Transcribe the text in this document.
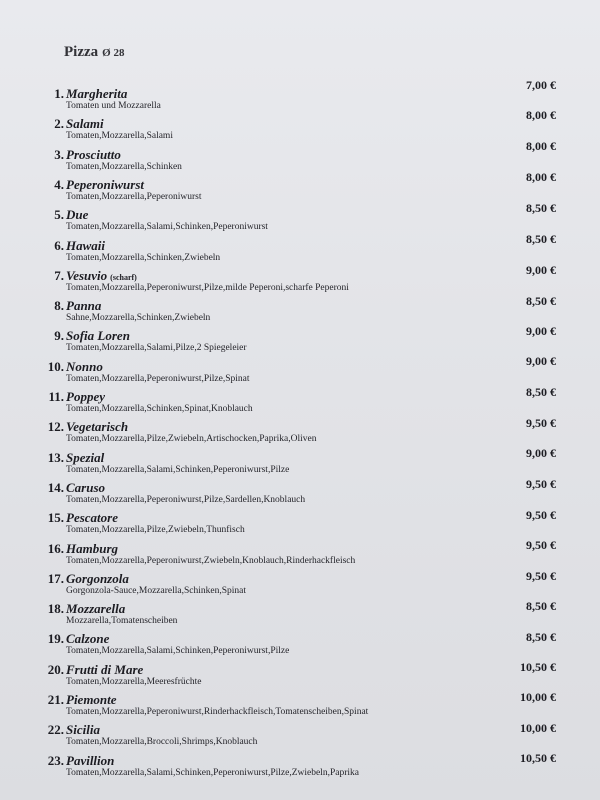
Pizza Ø 28
1. Margherita
Tomaten und Mozzarella
7,00 €
2. Salami
Tomaten,Mozzarella,Salami
8,00 €
3. Prosciutto
Tomaten,Mozzarella,Schinken
8,00 €
4. Peperoniwurst
Tomaten,Mozzarella,Peperoniwurst
8,00 €
5. Due
Tomaten,Mozzarella,Salami,Schinken,Peperoniwurst
8,50 €
6. Hawaii
Tomaten,Mozzarella,Schinken,Zwiebeln
8,50 €
7. Vesuvio (scharf)
Tomaten,Mozzarella,Peperoniwurst,Pilze,milde Peperoni,scharfe Peperoni
9,00 €
8. Panna
Sahne,Mozzarella,Schinken,Zwiebeln
8,50 €
9. Sofia Loren
Tomaten,Mozzarella,Salami,Pilze,2 Spiegeleier
9,00 €
10. Nonno
Tomaten,Mozzarella,Peperoniwurst,Pilze,Spinat
9,00 €
11. Poppey
Tomaten,Mozzarella,Schinken,Spinat,Knoblauch
8,50 €
12. Vegetarisch
Tomaten,Mozzarella,Pilze,Zwiebeln,Artischocken,Paprika,Oliven
9,50 €
13. Spezial
Tomaten,Mozzarella,Salami,Schinken,Peperoniwurst,Pilze
9,00 €
14. Caruso
Tomaten,Mozzarella,Peperoniwurst,Pilze,Sardellen,Knoblauch
9,50 €
15. Pescatore
Tomaten,Mozzarella,Pilze,Zwiebeln,Thunfisch
9,50 €
16. Hamburg
Tomaten,Mozzarella,Peperoniwurst,Zwiebeln,Knoblauch,Rinderhackfleisch
9,50 €
17. Gorgonzola
Gorgonzola-Sauce,Mozzarella,Schinken,Spinat
9,50 €
18. Mozzarella
Mozzarella,Tomatenscheiben
8,50 €
19. Calzone
Tomaten,Mozzarella,Salami,Schinken,Peperoniwurst,Pilze
8,50 €
20. Frutti di Mare
Tomaten,Mozzarella,Meeresfrüchte
10,50 €
21. Piemonte
Tomaten,Mozzarella,Peperoniwurst,Rinderhackfleisch,Tomatenscheiben,Spinat
10,00 €
22. Sicilia
Tomaten,Mozzarella,Broccoli,Shrimps,Knoblauch
10,00 €
23. Pavillion
Tomaten,Mozzarella,Salami,Schinken,Peperoniwurst,Pilze,Zwiebeln,Paprika
10,50 €
